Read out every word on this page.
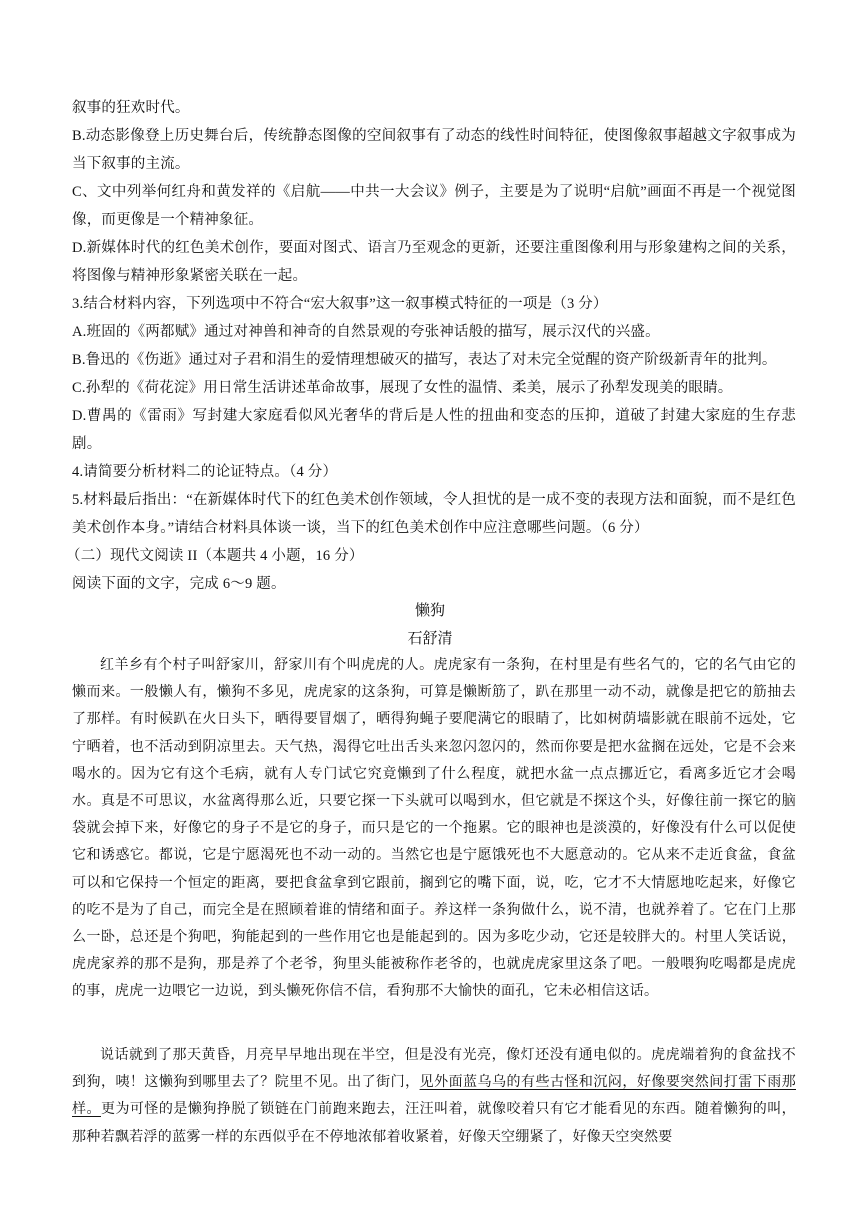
叙事的狂欢时代。

B.动态影像登上历史舞台后，传统静态图像的空间叙事有了动态的线性时间特征，使图像叙事超越文字叙事成为当下叙事的主流。

C、文中列举何红舟和黄发祥的《启航——中共一大会议》例子，主要是为了说明“启航”画面不再是一个视觉图像，而更像是一个精神象征。

D.新媒体时代的红色美术创作，要面对图式、语言乃至观念的更新，还要注重图像利用与形象建构之间的关系，将图像与精神形象紧密关联在一起。

3.结合材料内容，下列选项中不符合“宏大叙事”这一叙事模式特征的一项是（3 分）

A.班固的《两都赋》通过对神兽和神奇的自然景观的夸张神话般的描写，展示汉代的兴盛。

B.鲁迅的《伤逝》通过对子君和涓生的爱情理想破灭的描写，表达了对未完全觉醒的资产阶级新青年的批判。

C.孙犁的《荷花淀》用日常生活讲述革命故事，展现了女性的温情、柔美，展示了孙犁发现美的眼睛。

D.曹禺的《雷雨》写封建大家庭看似风光奢华的背后是人性的扭曲和变态的压抑，道破了封建大家庭的生存悲剧。

4.请简要分析材料二的论证特点。（4 分）

5.材料最后指出：“在新媒体时代下的红色美术创作领域，令人担忧的是一成不变的表现方法和面貌，而不是红色美术创作本身。”请结合材料具体谈一谈，当下的红色美术创作中应注意哪些问题。（6 分）

（二）现代文阅读 II（本题共 4 小题，16 分）

阅读下面的文字，完成 6～9 题。

懒狗

石舒清

红羊乡有个村子叫舒家川，舒家川有个叫虎虎的人。虎虎家有一条狗，在村里是有些名气的，它的名气由它的懒而来。一般懒人有，懒狗不多见，虎虎家的这条狗，可算是懒断筋了，趴在那里一动不动，就像是把它的筋抽去了那样。有时候趴在火日头下，晒得要冒烟了，晒得狗蝇子要爬满它的眼睛了，比如树荫墙影就在眼前不远处，它宁晒着，也不活动到阴凉里去。天气热，渴得它吐出舌头来忽闪忽闪的，然而你要是把水盆搁在远处，它是不会来喝水的。因为它有这个毛病，就有人专门试它究竟懒到了什么程度，就把水盆一点点挪近它，看离多近它才会喝水。真是不可思议，水盆离得那么近，只要它探一下头就可以喝到水，但它就是不探这个头，好像往前一探它的脑袋就会掉下来，好像它的身子不是它的身子，而只是它的一个拖累。它的眼神也是淡漠的，好像没有什么可以促使它和诱惑它。都说，它是宁愿渴死也不动一动的。当然它也是宁愿饿死也不大愿意动的。它从来不走近食盆，食盆可以和它保持一个恒定的距离，要把食盆拿到它跟前，搁到它的嘴下面，说，吃，它才不大情愿地吃起来，好像它的吃不是为了自己，而完全是在照顾着谁的情绪和面子。养这样一条狗做什么，说不清，也就养着了。它在门上那么一卧，总还是个狗吧，狗能起到的一些作用它也是能起到的。因为多吃少动，它还是较胖大的。村里人笑话说，虎虎家养的那不是狗，那是养了个老爷，狗里头能被称作老爷的，也就虎虎家里这条了吧。一般喂狗吃喝都是虎虎的事，虎虎一边喂它一边说，到头懒死你信不信，看狗那不大愉快的面孔，它未必相信这话。

说话就到了那天黄昏，月亮早早地出现在半空，但是没有光亮，像灯还没有通电似的。虎虎端着狗的食盆找不到狗，咦！这懒狗到哪里去了？院里不见。出了街门，见外面蓝乌乌的有些古怪和沉闷，好像要突然间打雷下雨那样。更为可怪的是懒狗挣脱了锁链在门前跑来跑去，汪汪叫着，就像咬着只有它才能看见的东西。随着懒狗的叫，那种若飘若浮的蓝雾一样的东西似乎在不停地浓郁着收紧着，好像天空绷紧了，好像天空突然要
